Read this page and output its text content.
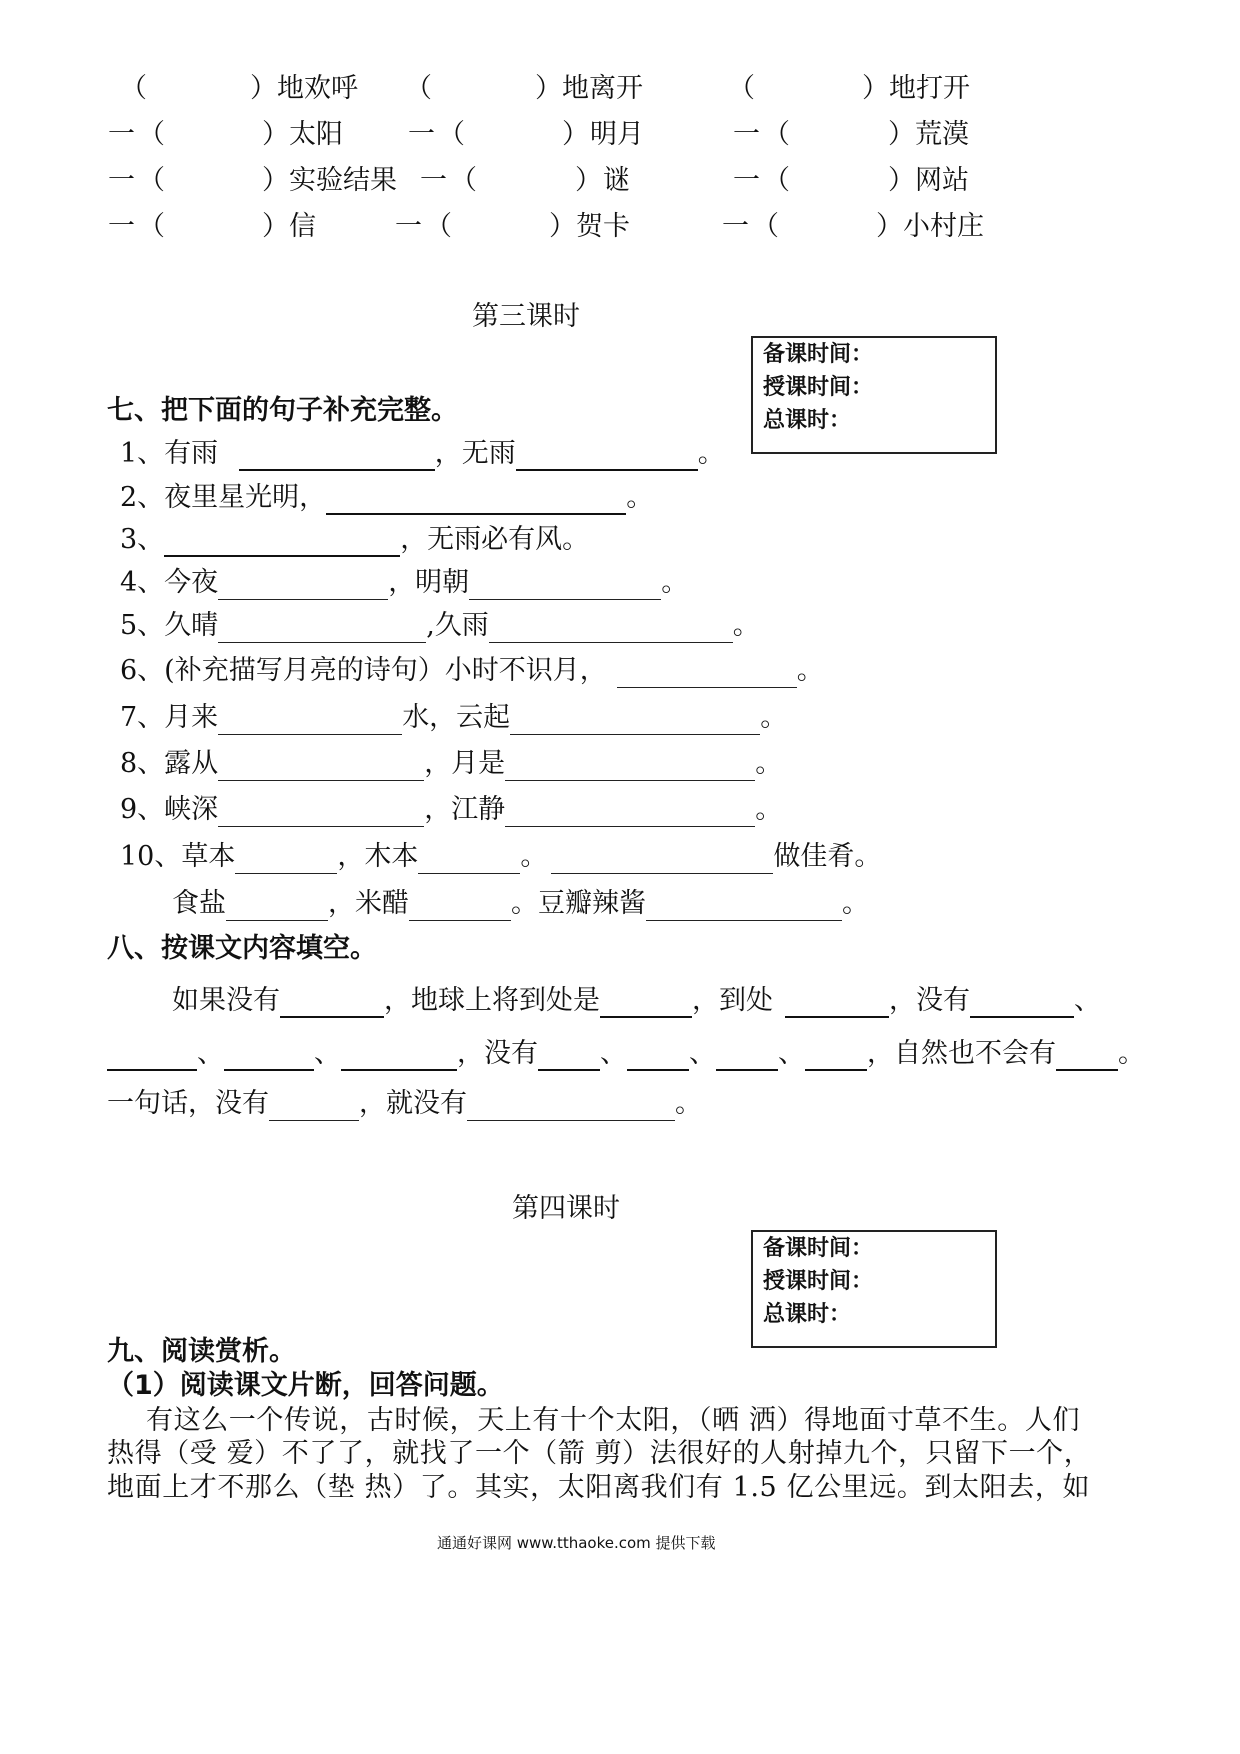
（	） 地欢呼 （	） 地离开	（	） 地打开
一 （	） 太阳 一 （	） 明月	一 （	） 荒漠
一 （	） 实验结果 一 （	） 谜	一 （	） 网站
一 （	） 信	一 （	） 贺卡	一 （	） 小村庄
第三课时
备课时间：
授课时间：
总课时：
七、把下面的句子补充完整。
1、有雨	，无雨	。
2、夜里星光明，	。
3、	，无雨必有风。
4、今夜	，明朝	。
5、久晴	,久雨	。
6、(补充描写月亮的诗句）小时不识月，	。
7、月来	水，云起	。
8、露从	，月是	。
9、峡深	，江静	。
10、草本	，木本	。	做佳肴。
食盐	，米醋	。豆瓣辣酱	。
八、按课文内容填空。
如果没有	，地球上将到处是	，到处	，没有	、
、	、	，没有 、 、 、 ，自然也不会有 。
一句话，没有	，就没有	。
第四课时
备课时间：
授课时间：
总课时：
九、阅读赏析。
（1）阅读课文片断，回答问题。
有这么一个传说，古时候，天上有十个太阳，（晒 洒）得地面寸草不生。人们
热得（受 爱）不了了，就找了一个（箭 剪）法很好的人射掉九个，只留下一个，
地面上才不那么（垫 热）了。其实，太阳离我们有 1.5 亿公里远。到太阳去，如
通通好课网 www.tthaoke.com 提供下载
